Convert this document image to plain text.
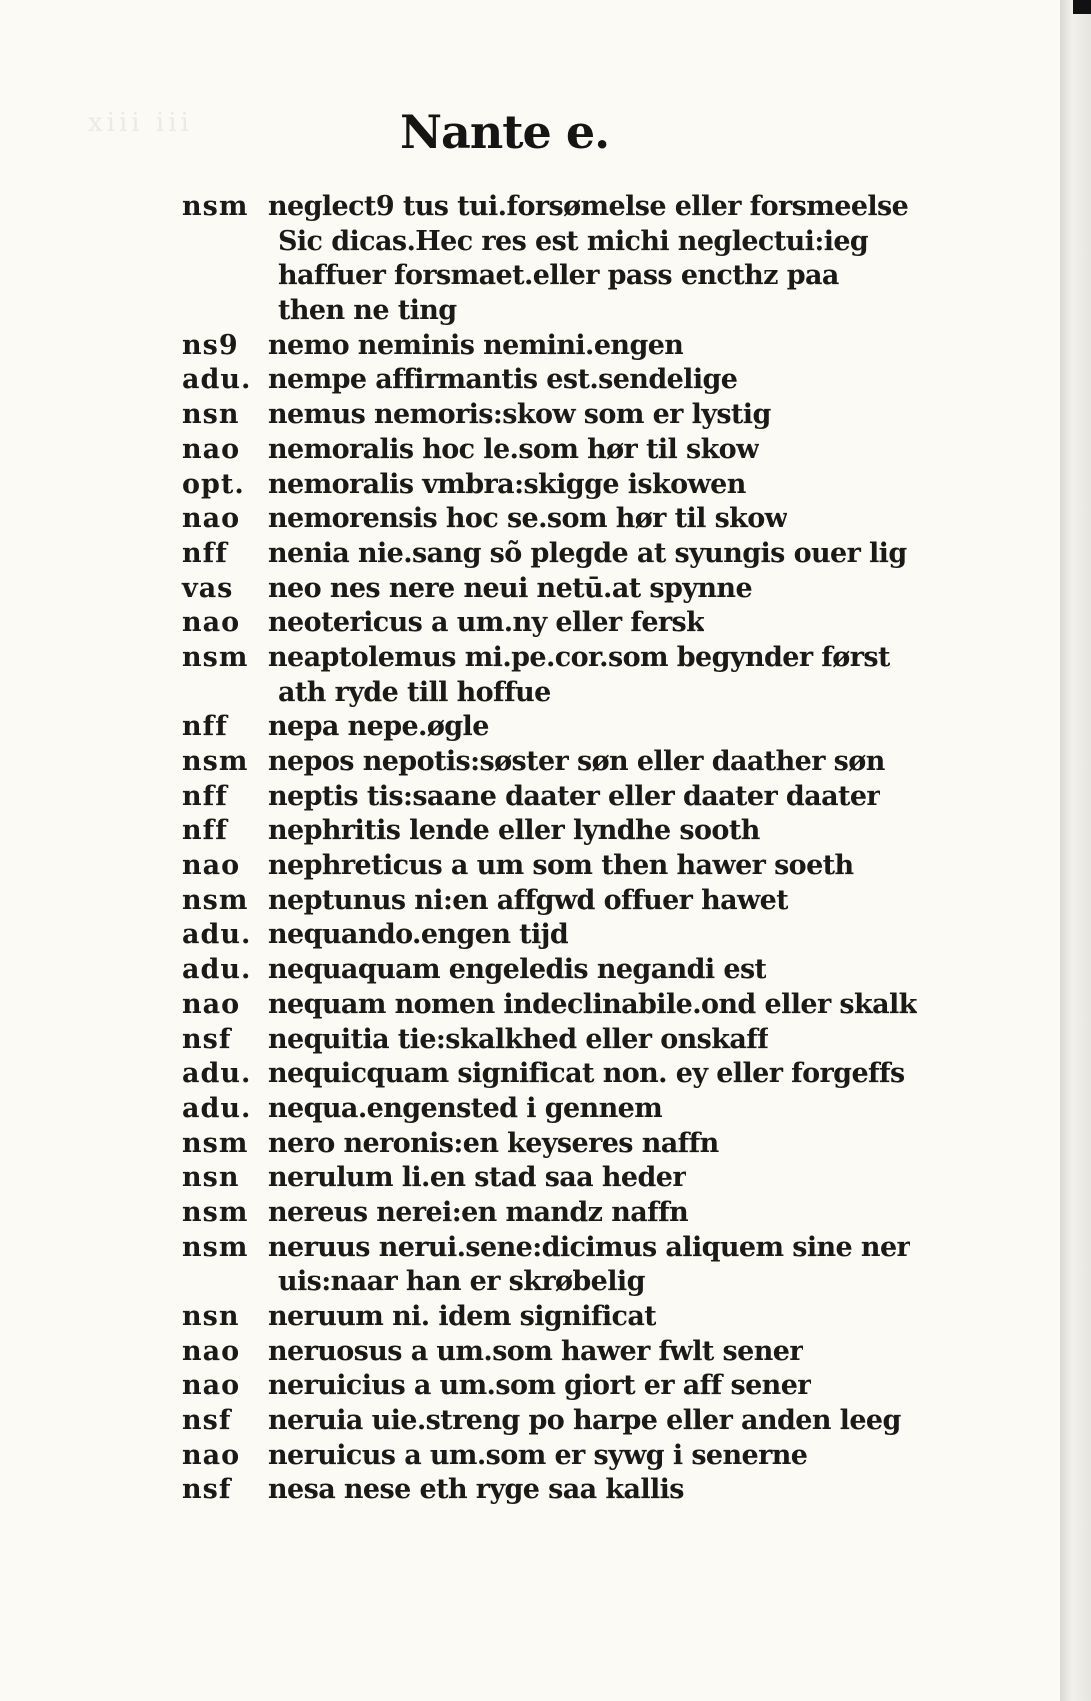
xiii iii	Nante e.
nsm neglect9 tus tui.forsømelse eller forsmeelse
Sic dicas.Hec res est michi neglectui:ieg
haffuer forsmaet.eller pass encthz paa
then ne ting
ns9 nemo neminis nemini.engen
adu. nempe affirmantis est.sendelige
nsn nemus nemoris:skow som er lystig
nao nemoralis hoc le.som hør til skow
opt. nemoralis vmbra:skigge iskowen
nao nemorensis hoc se.som hør til skow
nff nenia nie.sang sõ plegde at syungis ouer lig
vas neo nes nere neui netū.at spynne
nao neotericus a um.ny eller fersk
nsm neaptolemus mi.pe.cor.som begynder først
ath ryde till hoffue
nff nepa nepe.øgle
nsm nepos nepotis:søster søn eller daather søn
nff neptis tis:saane daater eller daater daater
nff nephritis lende eller lyndhe sooth
nao nephreticus a um som then hawer soeth
nsm neptunus ni:en affgwd offuer hawet
adu. nequando.engen tijd
adu. nequaquam engeledis negandi est
nao nequam nomen indeclinabile.ond eller skalk
nsf nequitia tie:skalkhed eller onskaff
adu. nequicquam significat non. ey eller forgeffs
adu. nequa.engensted i gennem
nsm nero neronis:en keyseres naffn
nsn nerulum li.en stad saa heder
nsm nereus nerei:en mandz naffn
nsm neruus nerui.sene:dicimus aliquem sine ner
uis:naar han er skrøbelig
nsn neruum ni. idem significat
nao neruosus a um.som hawer fwlt sener
nao neruicius a um.som giort er aff sener
nsf neruia uie.streng po harpe eller anden leeg
nao neruicus a um.som er sywg i senerne
nsf nesa nese eth ryge saa kallis
